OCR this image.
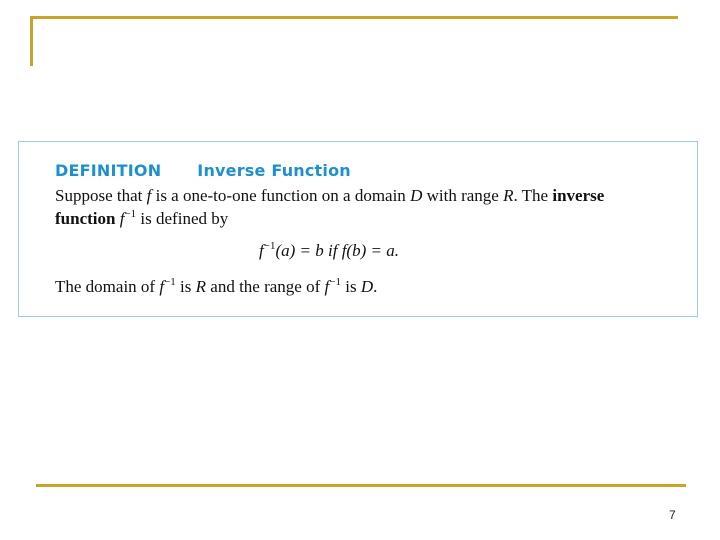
DEFINITION Inverse Function
Suppose that f is a one-to-one function on a domain D with range R. The inverse
function $f^{-1}$ is defined by
$f^{-1}(a) = b$ if f(b) = a.
The domain of $f^{-1}$ is R and the range of $f^{-1}$ is D.
7
